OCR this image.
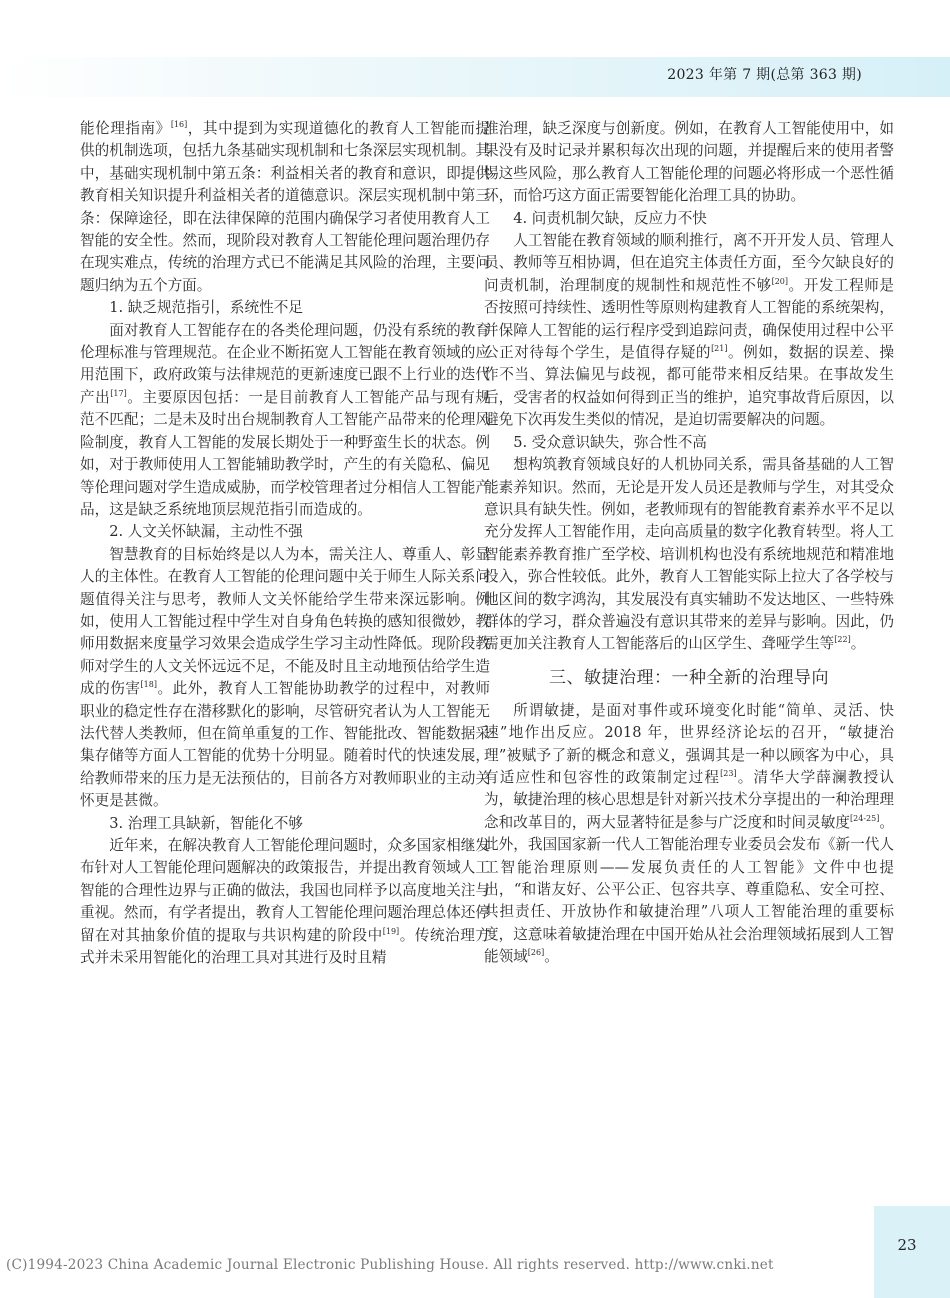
2023 年第 7 期(总第 363 期)

能伦理指南》[16]，其中提到为实现道德化的教育人工智能而提供的机制选项，包括九条基础实现机制和七条深层实现机制。其中，基础实现机制中第五条：利益相关者的教育和意识，即提供教育相关知识提升利益相关者的道德意识。深层实现机制中第三条：保障途径，即在法律保障的范围内确保学习者使用教育人工智能的安全性。然而，现阶段对教育人工智能伦理问题治理仍存在现实难点，传统的治理方式已不能满足其风险的治理，主要问题归纳为五个方面。

1. 缺乏规范指引，系统性不足

面对教育人工智能存在的各类伦理问题，仍没有系统的教育伦理标准与管理规范。在企业不断拓宽人工智能在教育领域的应用范围下，政府政策与法律规范的更新速度已跟不上行业的迭代产出[17]。主要原因包括：一是目前教育人工智能产品与现有规范不匹配；二是未及时出台规制教育人工智能产品带来的伦理风险制度，教育人工智能的发展长期处于一种野蛮生长的状态。例如，对于教师使用人工智能辅助教学时，产生的有关隐私、偏见等伦理问题对学生造成威胁，而学校管理者过分相信人工智能产品，这是缺乏系统地顶层规范指引而造成的。

2. 人文关怀缺漏，主动性不强

智慧教育的目标始终是以人为本，需关注人、尊重人、彰显人的主体性。在教育人工智能的伦理问题中关于师生人际关系问题值得关注与思考，教师人文关怀能给学生带来深远影响。例如，使用人工智能过程中学生对自身角色转换的感知很微妙，教师用数据来度量学习效果会造成学生学习主动性降低。现阶段教师对学生的人文关怀远远不足，不能及时且主动地预估给学生造成的伤害[18]。此外，教育人工智能协助教学的过程中，对教师职业的稳定性存在潜移默化的影响，尽管研究者认为人工智能无法代替人类教师，但在简单重复的工作、智能批改、智能数据采集存储等方面人工智能的优势十分明显。随着时代的快速发展，给教师带来的压力是无法预估的，目前各方对教师职业的主动关怀更是甚微。

3. 治理工具缺新，智能化不够

近年来，在解决教育人工智能伦理问题时，众多国家相继发布针对人工智能伦理问题解决的政策报告，并提出教育领域人工智能的合理性边界与正确的做法，我国也同样予以高度地关注与重视。然而，有学者提出，教育人工智能伦理问题治理总体还停留在对其抽象价值的提取与共识构建的阶段中[19]。传统治理方式并未采用智能化的治理工具对其进行及时且精

准治理，缺乏深度与创新度。例如，在教育人工智能使用中，如果没有及时记录并累积每次出现的问题，并提醒后来的使用者警惕这些风险，那么教育人工智能伦理的问题必将形成一个恶性循环，而恰巧这方面正需要智能化治理工具的协助。

4. 问责机制欠缺，反应力不快

人工智能在教育领域的顺利推行，离不开开发人员、管理人员、教师等互相协调，但在追究主体责任方面，至今欠缺良好的问责机制，治理制度的规制性和规范性不够[20]。开发工程师是否按照可持续性、透明性等原则构建教育人工智能的系统架构，并保障人工智能的运行程序受到追踪问责，确保使用过程中公平公正对待每个学生，是值得存疑的[21]。例如，数据的误差、操作不当、算法偏见与歧视，都可能带来相反结果。在事故发生后，受害者的权益如何得到正当的维护，追究事故背后原因，以避免下次再发生类似的情况，是迫切需要解决的问题。

5. 受众意识缺失，弥合性不高

想构筑教育领域良好的人机协同关系，需具备基础的人工智能素养知识。然而，无论是开发人员还是教师与学生，对其受众意识具有缺失性。例如，老教师现有的智能教育素养水平不足以充分发挥人工智能作用，走向高质量的数字化教育转型。将人工智能素养教育推广至学校、培训机构也没有系统地规范和精准地投入，弥合性较低。此外，教育人工智能实际上拉大了各学校与地区间的数字鸿沟，其发展没有真实辅助不发达地区、一些特殊群体的学习，群众普遍没有意识其带来的差异与影响。因此，仍需更加关注教育人工智能落后的山区学生、聋哑学生等[22]。

三、敏捷治理：一种全新的治理导向

所谓敏捷，是面对事件或环境变化时能“简单、灵活、快速”地作出反应。2018 年，世界经济论坛的召开，“敏捷治理”被赋予了新的概念和意义，强调其是一种以顾客为中心，具有适应性和包容性的政策制定过程[23]。清华大学薛澜教授认为，敏捷治理的核心思想是针对新兴技术分享提出的一种治理理念和改革目的，两大显著特征是参与广泛度和时间灵敏度[24-25]。此外，我国国家新一代人工智能治理专业委员会发布《新一代人工智能治理原则——发展负责任的人工智能》文件中也提出，“和谐友好、公平公正、包容共享、尊重隐私、安全可控、共担责任、开放协作和敏捷治理”八项人工智能治理的重要标度，这意味着敏捷治理在中国开始从社会治理领域拓展到人工智能领域[26]。

23
(C)1994-2023 China Academic Journal Electronic Publishing House. All rights reserved. http://www.cnki.net
